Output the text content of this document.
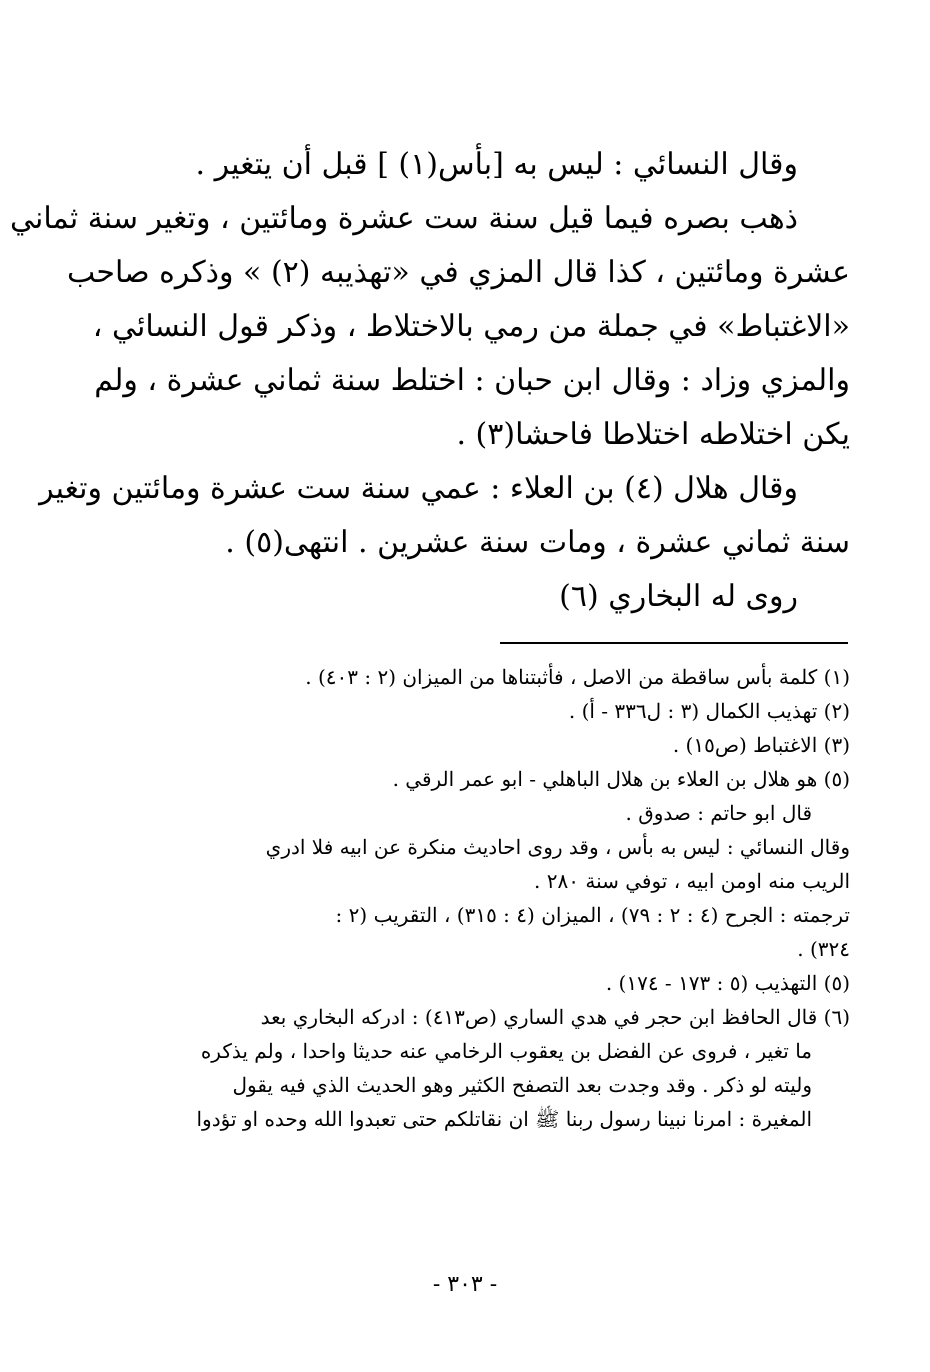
وقال النسائي : ليس به [بأس(١) ] قبل أن يتغير .
ذهب بصره فيما قيل سنة ست عشرة ومائتين ، وتغير سنة ثماني
عشرة ومائتين ، كذا قال المزي في «تهذيبه (٢) » وذكره صاحب
«الاغتباط» في جملة من رمي بالاختلاط ، وذكر قول النسائي ،
والمزي وزاد : وقال ابن حبان : اختلط سنة ثماني عشرة ، ولم
يكن اختلاطه اختلاطا فاحشا(٣) .
وقال هلال (٤) بن العلاء : عمي سنة ست عشرة ومائتين وتغير
سنة ثماني عشرة ، ومات سنة عشرين . انتهى(٥) .
روى له البخاري (٦)
(١) كلمة بأس ساقطة من الاصل ، فأثبتناها من الميزان (٢ : ٤٠٣) .
(٢) تهذيب الكمال (٣ : ل٣٣٦ - أ) .
(٣) الاغتباط (ص١٥) .
(٥) هو هلال بن العلاء بن هلال الباهلي - ابو عمر الرقي .
قال ابو حاتم : صدوق .
وقال النسائي : ليس به بأس ، وقد روى احاديث منكرة عن ابيه فلا ادري
الريب منه اومن ابيه ، توفي سنة ٢٨٠ .
ترجمته : الجرح (٤ : ٢ : ٧٩) ، الميزان (٤ : ٣١٥) ، التقريب (٢ :
٣٢٤) .
(٥) التهذيب (٥ : ١٧٣ - ١٧٤) .
(٦) قال الحافظ ابن حجر في هدي الساري (ص٤١٣) : ادركه البخاري بعد
ما تغير ، فروى عن الفضل بن يعقوب الرخامي عنه حديثا واحدا ، ولم يذكره
وليته لو ذكر . وقد وجدت بعد التصفح الكثير وهو الحديث الذي فيه يقول
المغيرة : امرنا نبينا رسول ربنا ﷺ ان نقاتلكم حتى تعبدوا الله وحده او تؤدوا
- ٣٠٣ -
